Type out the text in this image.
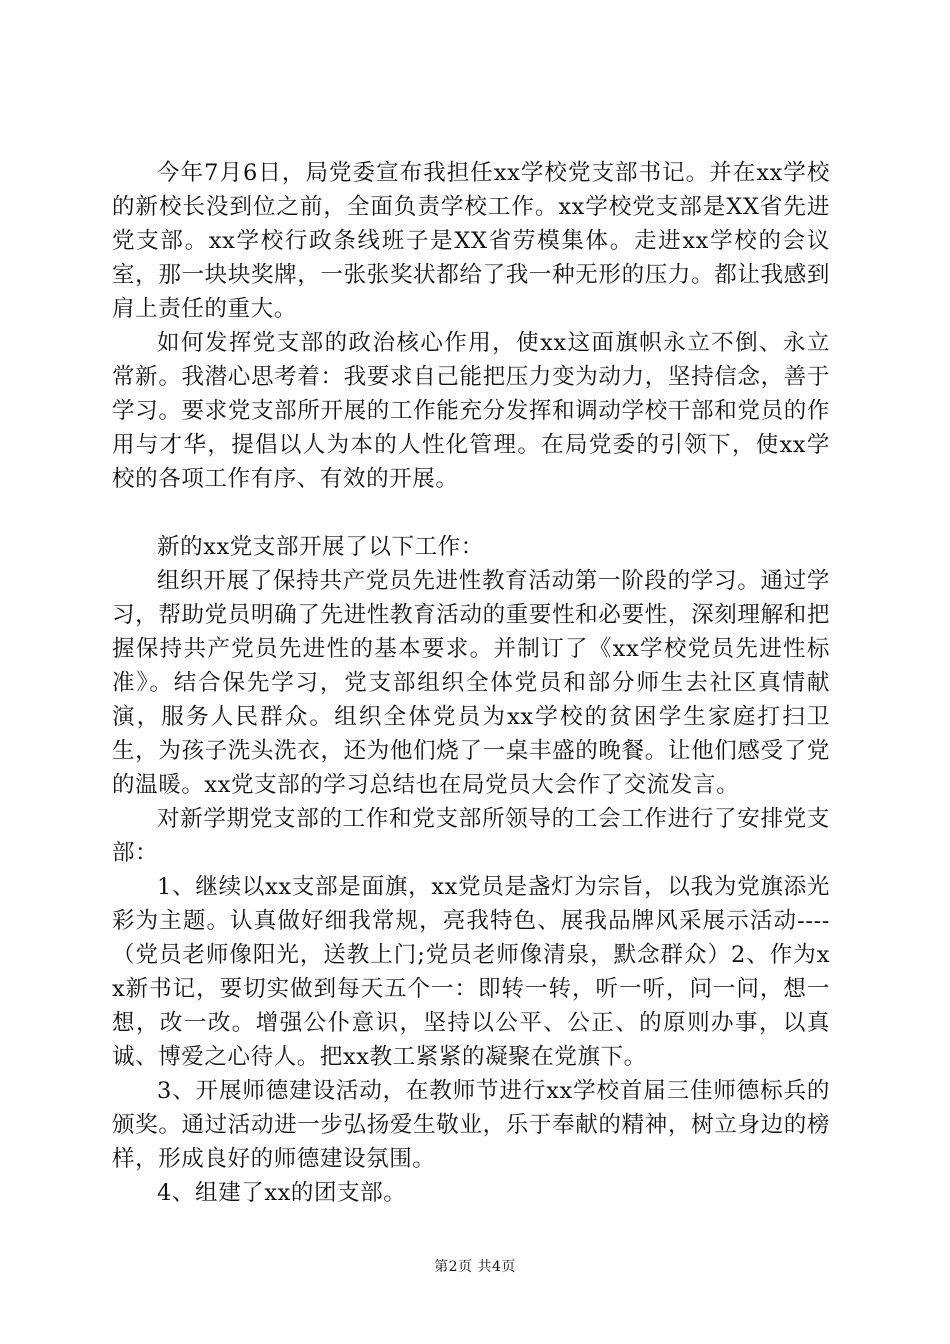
今年7月6日，局党委宣布我担任xx学校党支部书记。并在xx学校的新校长没到位之前，全面负责学校工作。xx学校党支部是XX省先进党支部。xx学校行政条线班子是XX省劳模集体。走进xx学校的会议室，那一块块奖牌，一张张奖状都给了我一种无形的压力。都让我感到肩上责任的重大。

如何发挥党支部的政治核心作用，使xx这面旗帜永立不倒、永立常新。我潜心思考着：我要求自己能把压力变为动力，坚持信念，善于学习。要求党支部所开展的工作能充分发挥和调动学校干部和党员的作用与才华，提倡以人为本的人性化管理。在局党委的引领下，使xx学校的各项工作有序、有效的开展。

新的xx党支部开展了以下工作：

组织开展了保持共产党员先进性教育活动第一阶段的学习。通过学习，帮助党员明确了先进性教育活动的重要性和必要性，深刻理解和把握保持共产党员先进性的基本要求。并制订了《xx学校党员先进性标准》。结合保先学习，党支部组织全体党员和部分师生去社区真情献演，服务人民群众。组织全体党员为xx学校的贫困学生家庭打扫卫生，为孩子洗头洗衣，还为他们烧了一桌丰盛的晚餐。让他们感受了党的温暖。xx党支部的学习总结也在局党员大会作了交流发言。

对新学期党支部的工作和党支部所领导的工会工作进行了安排党支部：

1、继续以xx支部是面旗，xx党员是盏灯为宗旨，以我为党旗添光彩为主题。认真做好细我常规，亮我特色、展我品牌风采展示活动----（党员老师像阳光，送教上门;党员老师像清泉，默念群众）2、作为xx新书记，要切实做到每天五个一：即转一转，听一听，问一问，想一想，改一改。增强公仆意识，坚持以公平、公正、的原则办事，以真诚、博爱之心待人。把xx教工紧紧的凝聚在党旗下。

3、开展师德建设活动，在教师节进行xx学校首届三佳师德标兵的颁奖。通过活动进一步弘扬爱生敬业，乐于奉献的精神，树立身边的榜样，形成良好的师德建设氛围。

4、组建了xx的团支部。

第2页 共4页
